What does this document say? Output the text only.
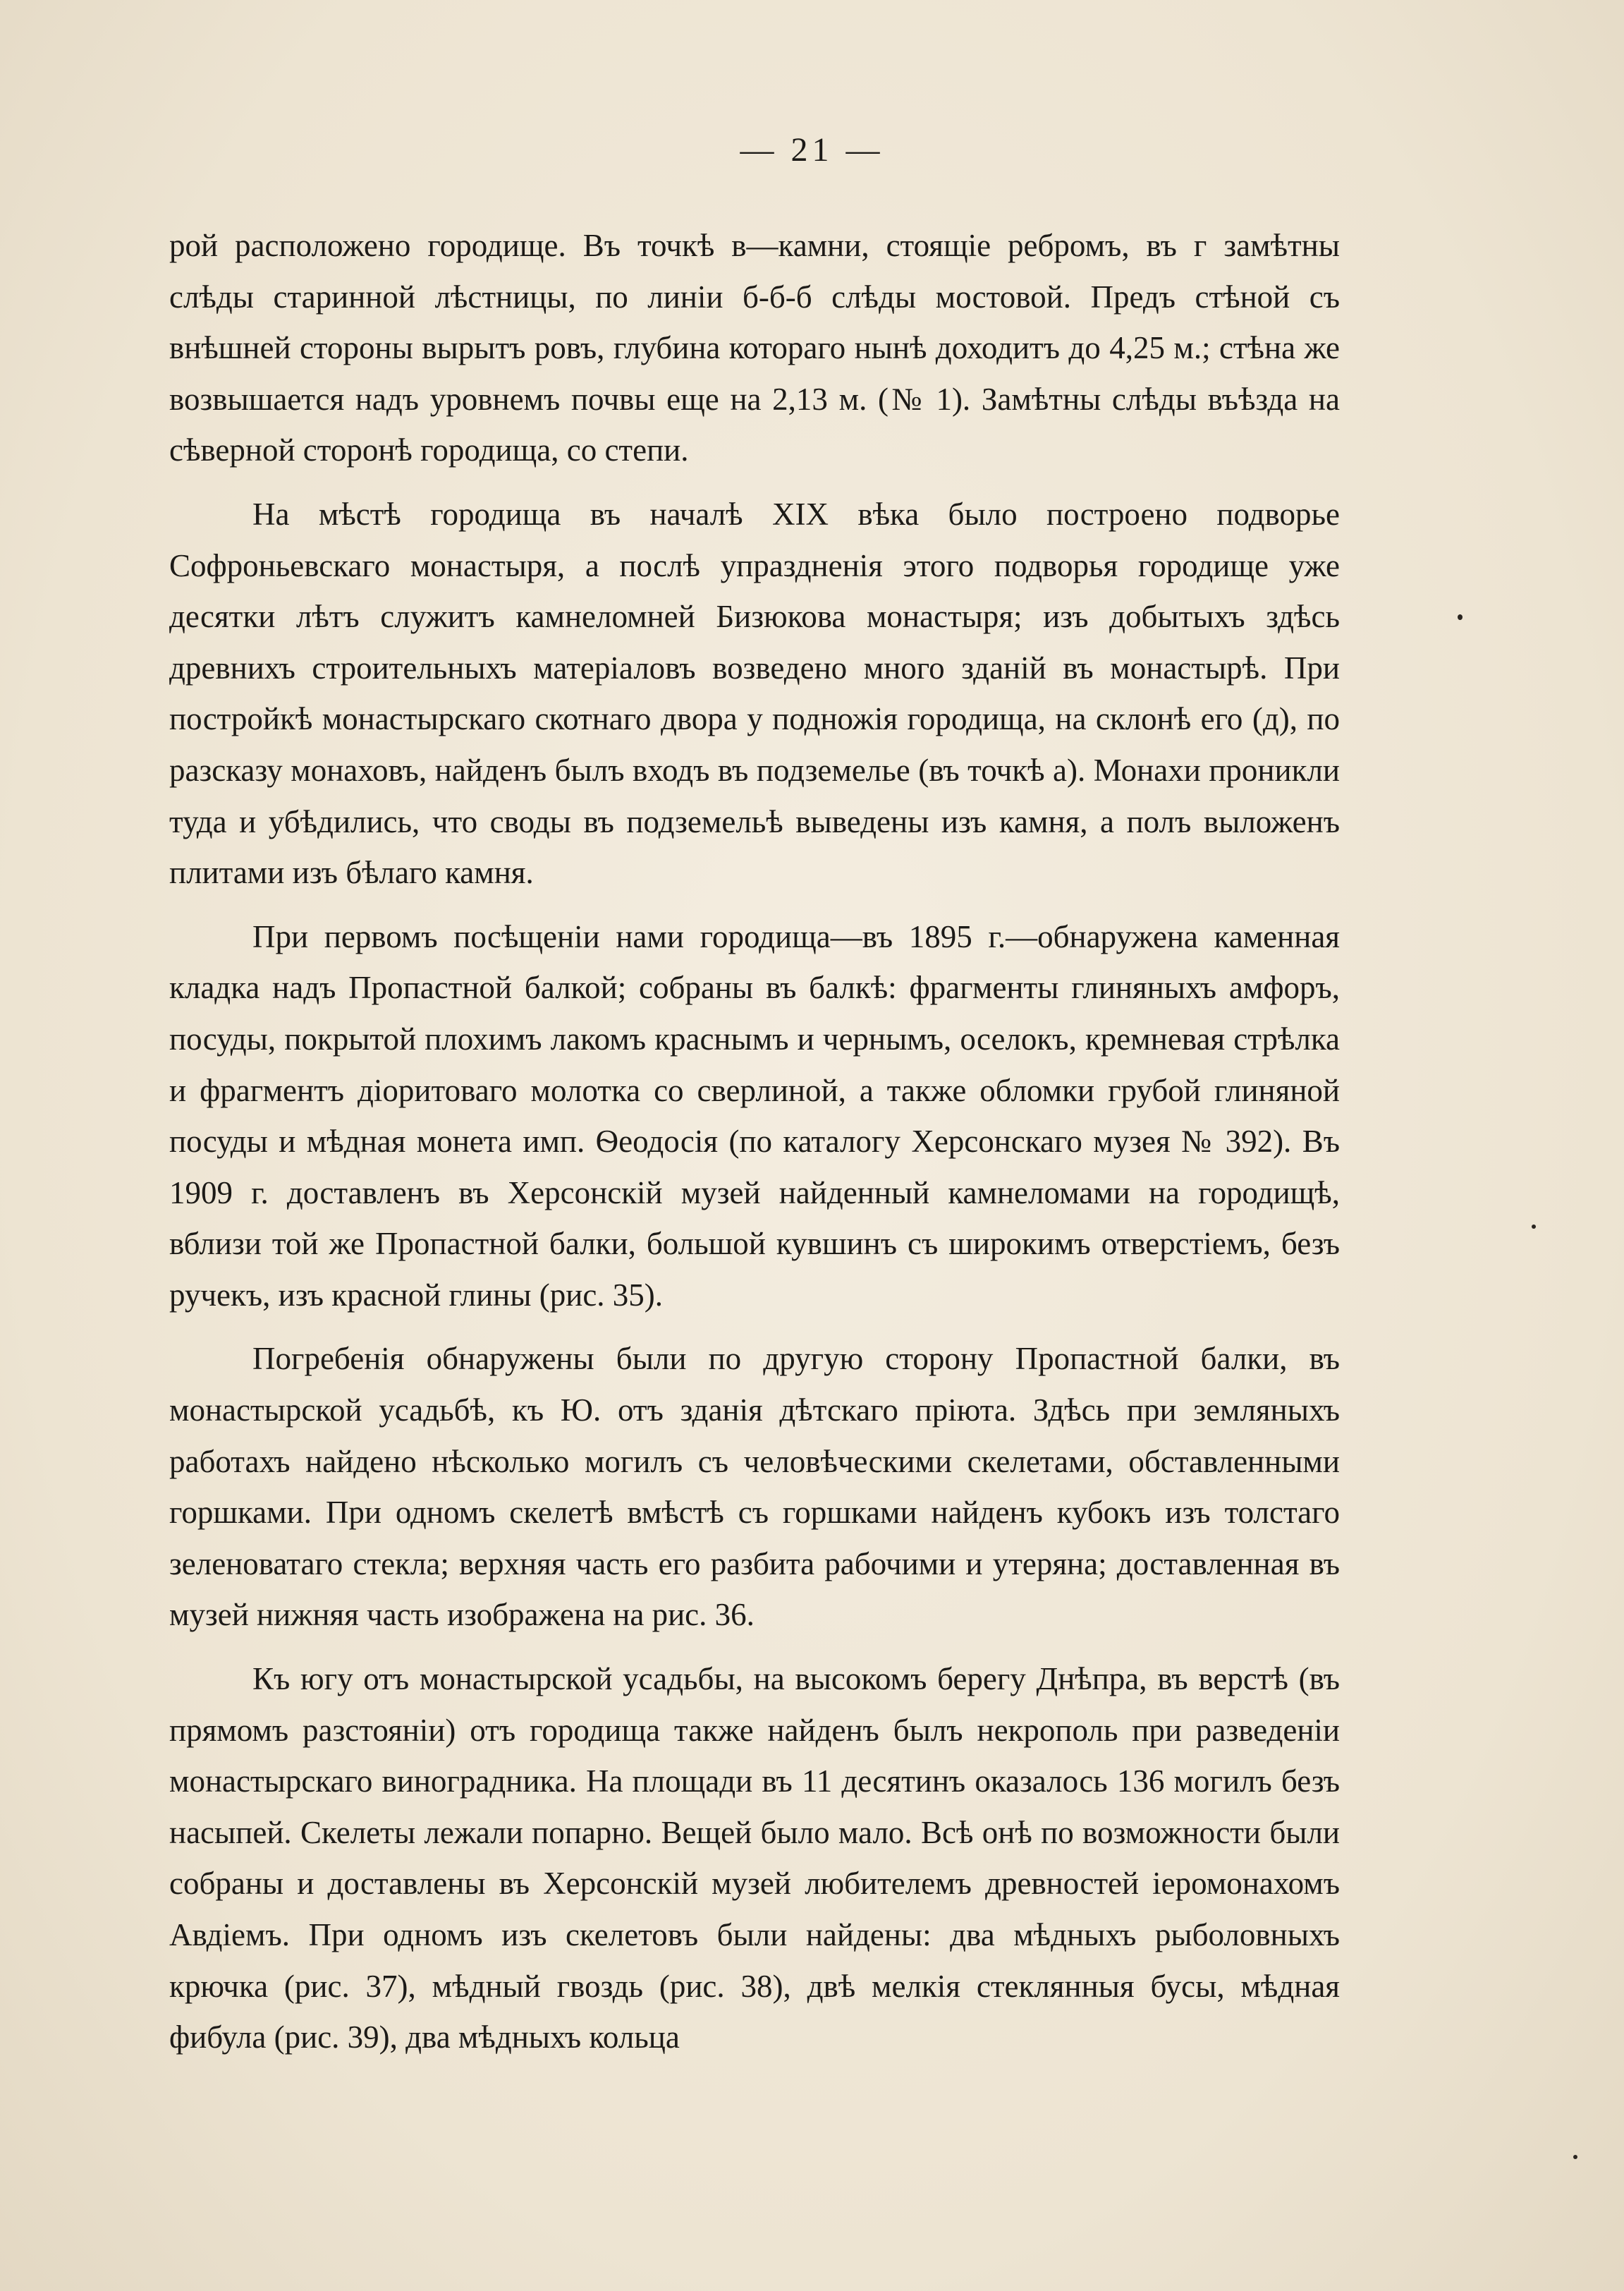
— 21 —

рой расположено городище. Въ точкѣ в—камни, стоящіе ребромъ, въ г замѣтны слѣды старинной лѣстницы, по линіи б-б-б слѣды мостовой. Предъ стѣной съ внѣшней стороны вырытъ ровъ, глубина котораго нынѣ доходитъ до 4,25 м.; стѣна же возвышается надъ уровнемъ почвы еще на 2,13 м. (№ 1). Замѣтны слѣды въѣзда на сѣверной сторонѣ городища, со степи.

На мѣстѣ городища въ началѣ XIX вѣка было построено подворье Софроньевскаго монастыря, а послѣ упраздненія этого подворья городище уже десятки лѣтъ служитъ камнеломней Бизюкова монастыря; изъ добытыхъ здѣсь древнихъ строительныхъ матеріаловъ возведено много зданій въ монастырѣ. При постройкѣ монастырскаго скотнаго двора у подножія городища, на склонѣ его (д), по разсказу монаховъ, найденъ былъ входъ въ подземелье (въ точкѣ а). Монахи проникли туда и убѣдились, что своды въ подземельѣ выведены изъ камня, а полъ выложенъ плитами изъ бѣлаго камня.

При первомъ посѣщеніи нами городища—въ 1895 г.—обнаружена каменная кладка надъ Пропастной балкой; собраны въ балкѣ: фрагменты глиняныхъ амфоръ, посуды, покрытой плохимъ лакомъ краснымъ и чернымъ, оселокъ, кремневая стрѣлка и фрагментъ діоритоваго молотка со сверлиной, а также обломки грубой глиняной посуды и мѣдная монета имп. Ѳеодосія (по каталогу Херсонскаго музея № 392). Въ 1909 г. доставленъ въ Херсонскій музей найденный камнеломами на городищѣ, вблизи той же Пропастной балки, большой кувшинъ съ широкимъ отверстіемъ, безъ ручекъ, изъ красной глины (рис. 35).

Погребенія обнаружены были по другую сторону Пропастной балки, въ монастырской усадьбѣ, къ Ю. отъ зданія дѣтскаго пріюта. Здѣсь при земляныхъ работахъ найдено нѣсколько могилъ съ человѣческими скелетами, обставленными горшками. При одномъ скелетѣ вмѣстѣ съ горшками найденъ кубокъ изъ толстаго зеленоватаго стекла; верхняя часть его разбита рабочими и утеряна; доставленная въ музей нижняя часть изображена на рис. 36.

Къ югу отъ монастырской усадьбы, на высокомъ берегу Днѣпра, въ верстѣ (въ прямомъ разстояніи) отъ городища также найденъ былъ некрополь при разведеніи монастырскаго виноградника. На площади въ 11 десятинъ оказалось 136 могилъ безъ насыпей. Скелеты лежали попарно. Вещей было мало. Всѣ онѣ по возможности были собраны и доставлены въ Херсонскій музей любителемъ древностей іеромонахомъ Авдіемъ. При одномъ изъ скелетовъ были найдены: два мѣдныхъ рыболовныхъ крючка (рис. 37), мѣдный гвоздь (рис. 38), двѣ мелкія стеклянныя бусы, мѣдная фибула (рис. 39), два мѣдныхъ кольца
